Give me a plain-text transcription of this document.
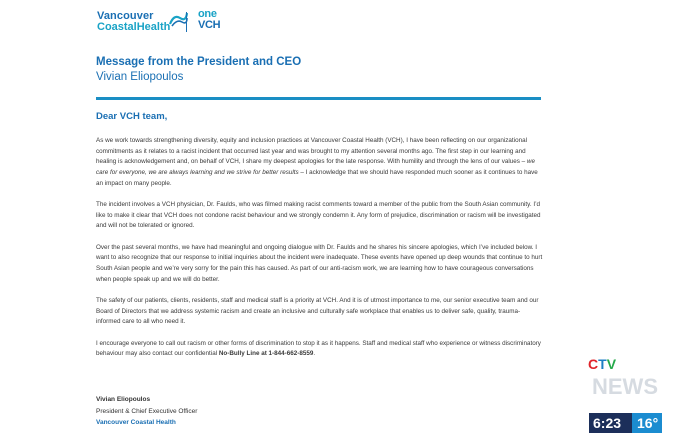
Vancouver
CoastalHealth
one
VCH
Message from the President and CEO
Vivian Eliopoulos
Dear VCH team,

As we work towards strengthening diversity, equity and inclusion practices at Vancouver Coastal Health (VCH), I have been reflecting on our organizational commitments as it relates to a racist incident that occurred last year and was brought to my attention several months ago. The first step in our learning and healing is acknowledgement and, on behalf of VCH, I share my deepest apologies for the late response. With humility and through the lens of our values – we care for everyone, we are always learning and we strive for better results – I acknowledge that we should have responded much sooner as it continues to have an impact on many people.

The incident involves a VCH physician, Dr. Faulds, who was filmed making racist comments toward a member of the public from the South Asian community. I’d like to make it clear that VCH does not condone racist behaviour and we strongly condemn it. Any form of prejudice, discrimination or racism will be investigated and will not be tolerated or ignored.

Over the past several months, we have had meaningful and ongoing dialogue with Dr. Faulds and he shares his sincere apologies, which I’ve included below. I want to also recognize that our response to initial inquiries about the incident were inadequate. These events have opened up deep wounds that continue to hurt South Asian people and we’re very sorry for the pain this has caused. As part of our anti-racism work, we are learning how to have courageous conversations when people speak up and we will do better.

The safety of our patients, clients, residents, staff and medical staff is a priority at VCH. And it is of utmost importance to me, our senior executive team and our Board of Directors that we address systemic racism and create an inclusive and culturally safe workplace that enables us to deliver safe, quality, trauma-informed care to all who need it.

I encourage everyone to call out racism or other forms of discrimination to stop it as it happens. Staff and medical staff who experience or witness discriminatory behaviour may also contact our confidential No-Bully Line at 1-844-662-8559.

Vivian Eliopoulos
President & Chief Executive Officer
Vancouver Coastal Health
CTV
NEWS
6:23 16°
